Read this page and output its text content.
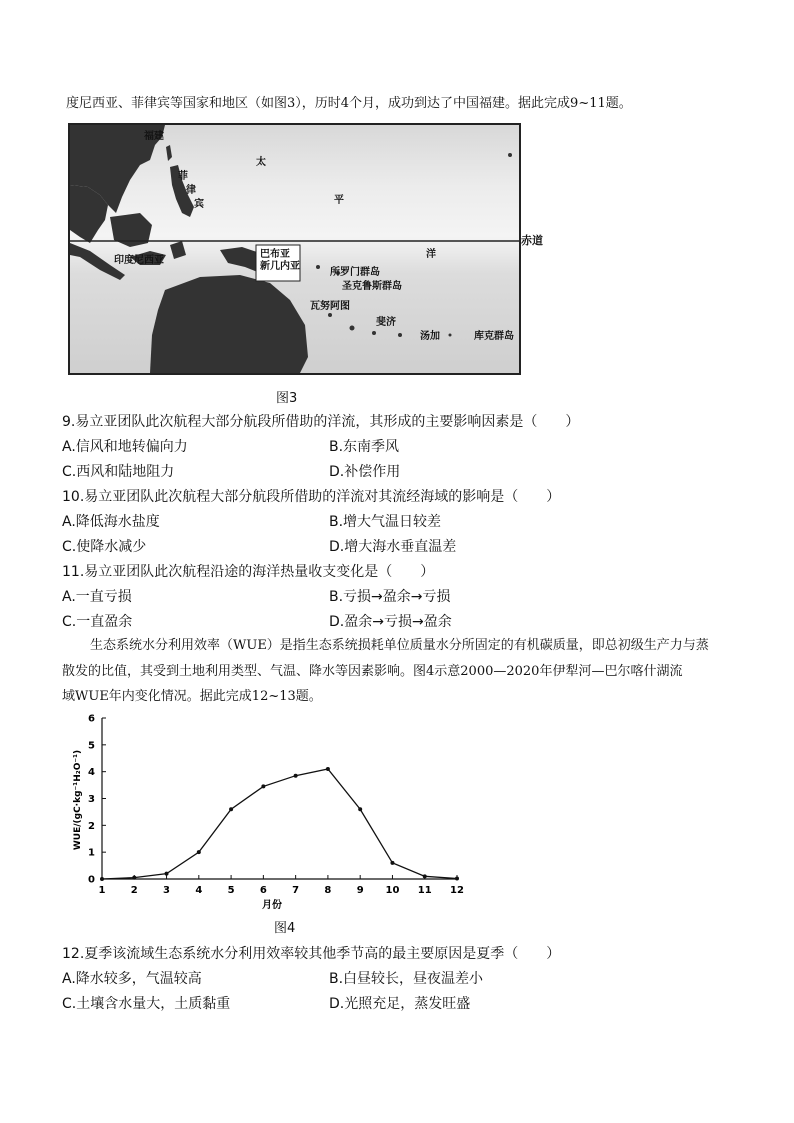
度尼西亚、菲律宾等国家和地区（如图3），历时4个月，成功到达了中国福建。据此完成9~11题。
福建
菲
律
宾
太
平
洋
印度尼西亚
巴布亚
新几内亚
所罗门群岛
圣克鲁斯群岛
瓦努阿图
斐济
汤加	库克群岛
赤道
图3
9.易立亚团队此次航程大部分航段所借助的洋流，其形成的主要影响因素是（　　）
A.信风和地转偏向力	B.东南季风
C.西风和陆地阻力	D.补偿作用
10.易立亚团队此次航程大部分航段所借助的洋流对其流经海域的影响是（　　）
A.降低海水盐度	B.增大气温日较差
C.使降水减少	D.增大海水垂直温差
11.易立亚团队此次航程沿途的海洋热量收支变化是（　　）
A.一直亏损	B.亏损→盈余→亏损
C.一直盈余	D.盈余→亏损→盈余
生态系统水分利用效率（WUE）是指生态系统损耗单位质量水分所固定的有机碳质量，即总初级生产力与蒸
散发的比值，其受到土地利用类型、气温、降水等因素影响。图4示意2000—2020年伊犁河—巴尔喀什湖流
域WUE年内变化情况。据此完成12~13题。
1	2	3	4	5	6	7	8	9 10 11 12
0
1
2
3
4
5
6
月份
WUE/(gC·kg⁻¹H₂O⁻¹)
图4
12.夏季该流域生态系统水分利用效率较其他季节高的最主要原因是夏季（　　）
A.降水较多，气温较高	B.白昼较长，昼夜温差小
C.土壤含水量大，土质黏重	D.光照充足，蒸发旺盛
